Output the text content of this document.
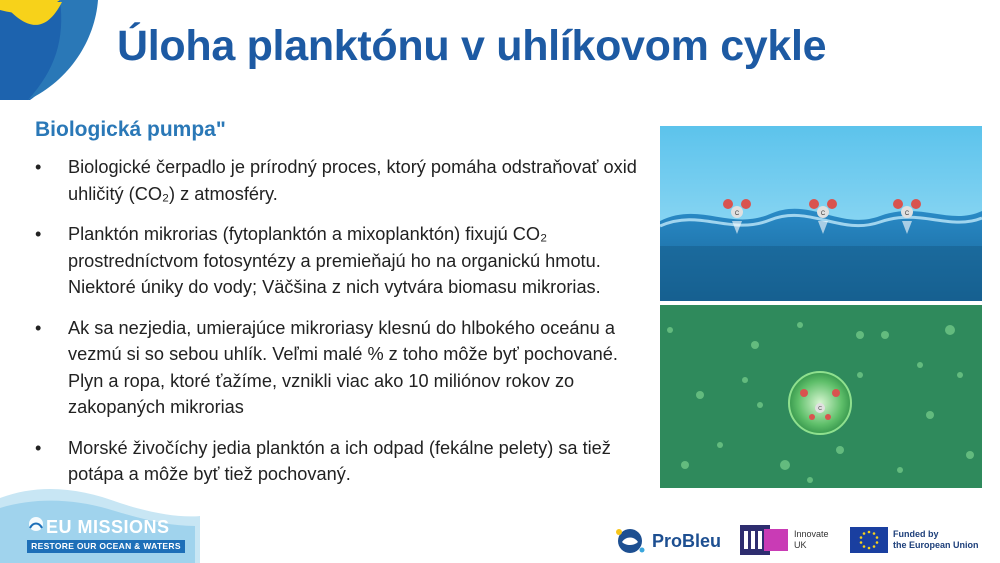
Úloha planktónu v uhlíkovom cykle
Biologická pumpa"
• Biologické čerpadlo je prírodný proces, ktorý pomáha odstraňovať oxid uhličitý (CO₂) z atmosféry.
• Planktón mikrorias (fytoplanktón a mixoplanktón) fixujú CO₂ prostredníctvom fotosyntézy a premieňajú ho na organickú hmotu. Niektoré úniky do vody; Väčšina z nich vytvára biomasu mikrorias.
• Ak sa nezjedia, umierajúce mikroriasy klesnú do hlbokého oceánu a vezmú si so sebou uhlík. Veľmi malé % z toho môže byť pochované. Plyn a ropa, ktoré ťažíme, vznikli viac ako 10 miliónov rokov zo zakopaných mikrorias
• Morské živočíchy jedia planktón a ich odpad (fekálne pelety) sa tiež potápa a môže byť tiež pochovaný.
C	C	C
C
EU MISSIONS
RESTORE OUR OCEAN & WATERS	ProBleu	Innovate
UK
Funded by
the European Union
